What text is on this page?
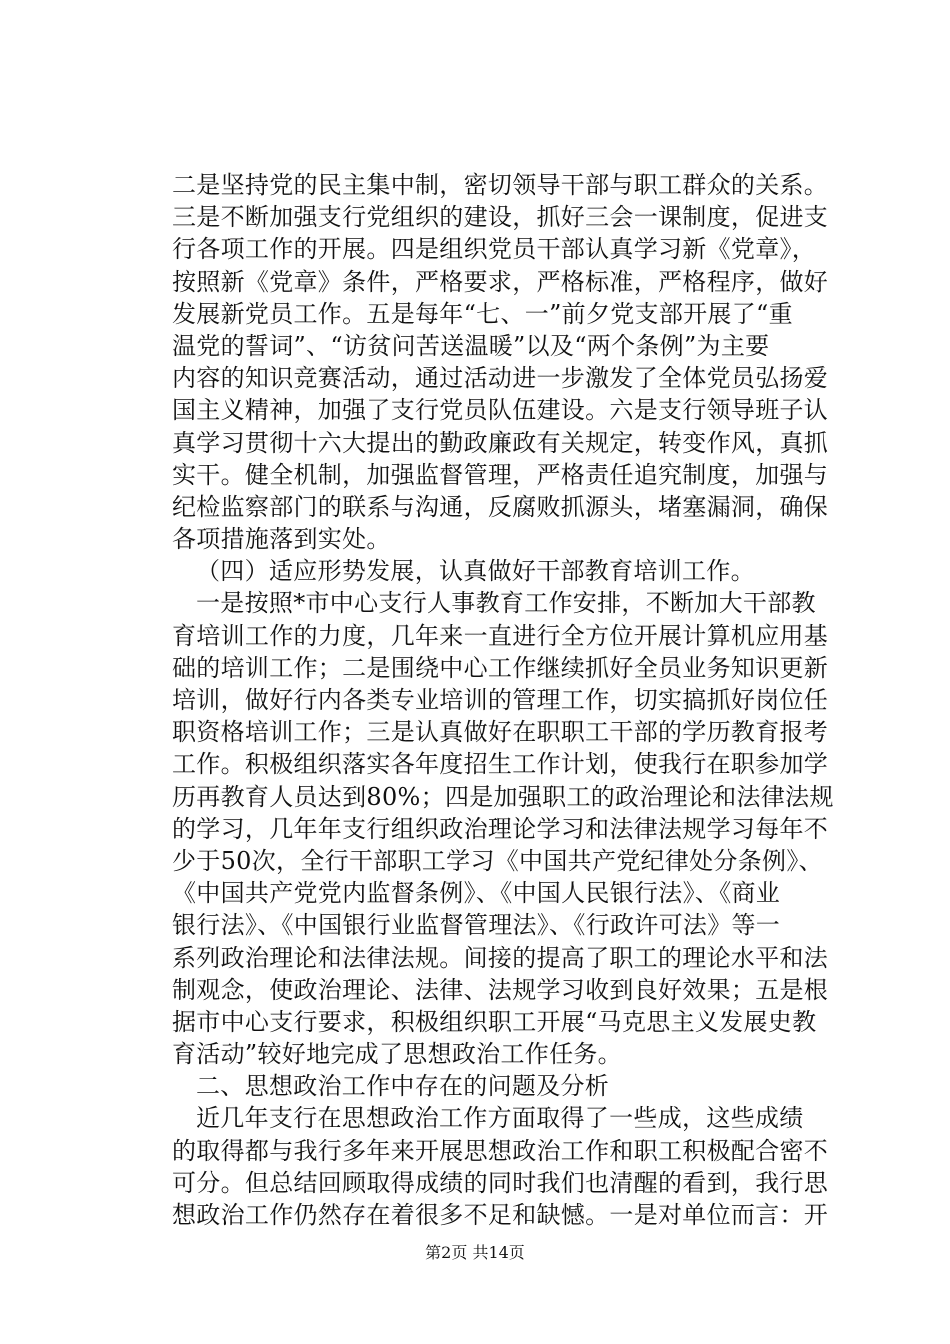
二是坚持党的民主集中制，密切领导干部与职工群众的关系。
三是不断加强支行党组织的建设，抓好三会一课制度，促进支
行各项工作的开展。四是组织党员干部认真学习新《党章》，
按照新《党章》条件，严格要求，严格标准，严格程序，做好
发展新党员工作。五是每年“七、一”前夕党支部开展了“重
温党的誓词”、“访贫问苦送温暖”以及“两个条例”为主要
内容的知识竞赛活动，通过活动进一步激发了全体党员弘扬爱
国主义精神，加强了支行党员队伍建设。六是支行领导班子认
真学习贯彻十六大提出的勤政廉政有关规定，转变作风，真抓
实干。健全机制，加强监督管理，严格责任追究制度，加强与
纪检监察部门的联系与沟通，反腐败抓源头，堵塞漏洞，确保
各项措施落到实处。
（四）适应形势发展，认真做好干部教育培训工作。
一是按照*市中心支行人事教育工作安排，不断加大干部教
育培训工作的力度，几年来一直进行全方位开展计算机应用基
础的培训工作；二是围绕中心工作继续抓好全员业务知识更新
培训，做好行内各类专业培训的管理工作，切实搞抓好岗位任
职资格培训工作；三是认真做好在职职工干部的学历教育报考
工作。积极组织落实各年度招生工作计划，使我行在职参加学
历再教育人员达到80%；四是加强职工的政治理论和法律法规
的学习，几年年支行组织政治理论学习和法律法规学习每年不
少于50次，全行干部职工学习《中国共产党纪律处分条例》、
《中国共产党党内监督条例》、《中国人民银行法》、《商业
银行法》、《中国银行业监督管理法》、《行政许可法》等一
系列政治理论和法律法规。间接的提高了职工的理论水平和法
制观念，使政治理论、法律、法规学习收到良好效果；五是根
据市中心支行要求，积极组织职工开展“马克思主义发展史教
育活动”较好地完成了思想政治工作任务。
二、思想政治工作中存在的问题及分析
近几年支行在思想政治工作方面取得了一些成，这些成绩
的取得都与我行多年来开展思想政治工作和职工积极配合密不
可分。但总结回顾取得成绩的同时我们也清醒的看到，我行思
想政治工作仍然存在着很多不足和缺憾。一是对单位而言：开
第2页 共14页
